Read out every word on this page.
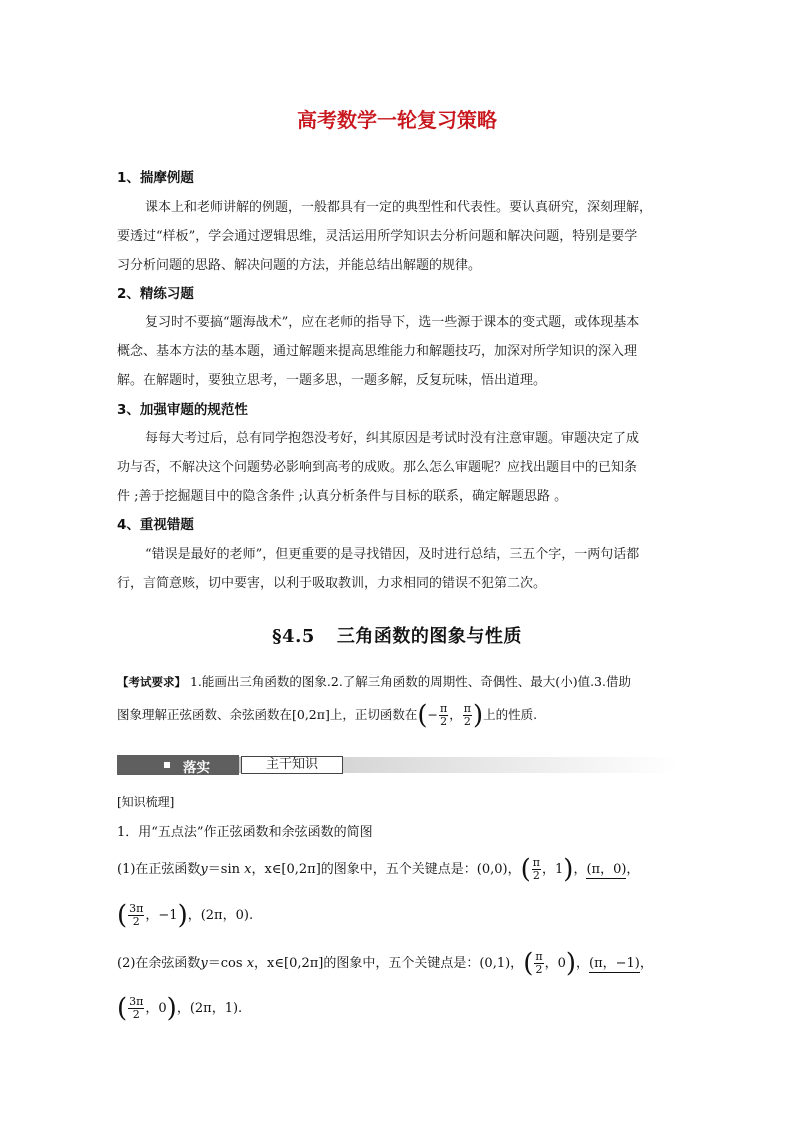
高考数学一轮复习策略
1、揣摩例题
课本上和老师讲解的例题，一般都具有一定的典型性和代表性。要认真研究，深刻理解，
要透过“样板”，学会通过逻辑思维，灵活运用所学知识去分析问题和解决问题，特别是要学
习分析问题的思路、解决问题的方法，并能总结出解题的规律。
2、精练习题
复习时不要搞“题海战术”，应在老师的指导下，选一些源于课本的变式题，或体现基本
概念、基本方法的基本题，通过解题来提高思维能力和解题技巧，加深对所学知识的深入理
解。在解题时，要独立思考，一题多思，一题多解，反复玩味，悟出道理。
3、加强审题的规范性
每每大考过后，总有同学抱怨没考好，纠其原因是考试时没有注意审题。审题决定了成
功与否，不解决这个问题势必影响到高考的成败。那么怎么审题呢？应找出题目中的已知条
件 ;善于挖掘题目中的隐含条件 ;认真分析条件与目标的联系，确定解题思路 。
4、重视错题
“错误是最好的老师”，但更重要的是寻找错因，及时进行总结，三五个字，一两句话都
行，言简意赅，切中要害，以利于吸取教训，力求相同的错误不犯第二次。
§4.5 三角函数的图象与性质
【考试要求】 1.能画出三角函数的图象.2.了解三角函数的周期性、奇偶性、最大(小)值.3.借助
图象理解正弦函数、余弦函数在[0,2π]上，正切函数在(− $\frac{\pi}{2}$ ， $\frac{\pi}{2}$ )上的性质.
落实	主干知识
[知识梳理]
1．用“五点法”作正弦函数和余弦函数的简图
(1)在正弦函数y＝sin x，x∈[0,2π]的图象中，五个关键点是：(0,0)，( $\frac{\pi}{2}$ ，1)，(π，0)，
( $\frac{3\pi}{2}$ ，−1)，(2π，0).
(2)在余弦函数y＝cos x，x∈[0,2π]的图象中，五个关键点是：(0,1)，( $\frac{\pi}{2}$ ，0)，(π，−1)，
( $\frac{3\pi}{2}$ ，0)，(2π，1).
